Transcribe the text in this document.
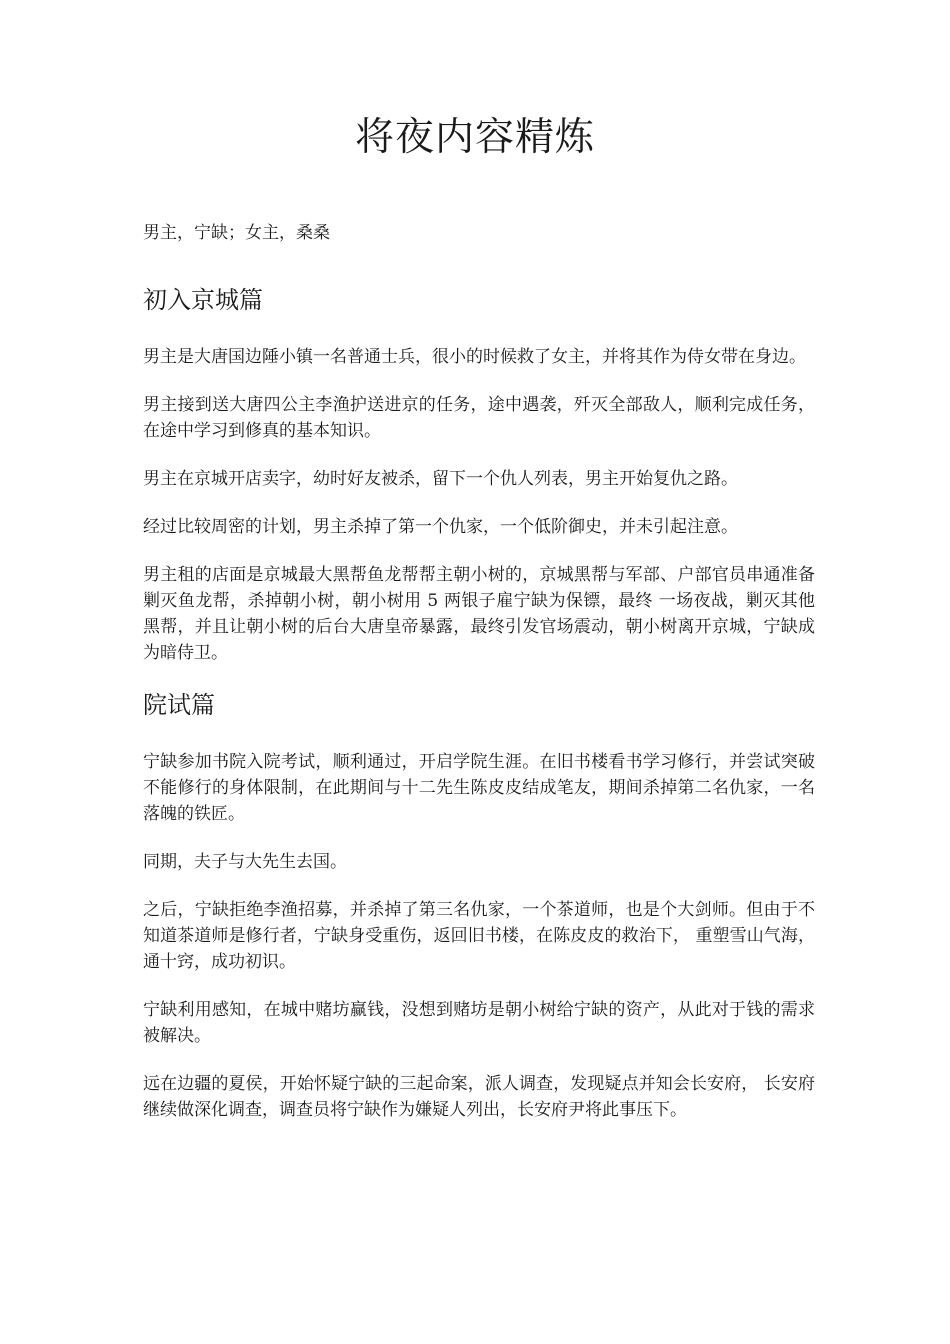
将夜内容精炼

男主，宁缺；女主，桑桑

初入京城篇

男主是大唐国边陲小镇一名普通士兵，很小的时候救了女主，并将其作为侍女带在身边。

男主接到送大唐四公主李渔护送进京的任务，途中遇袭，歼灭全部敌人，顺利完成任务，在途中学习到修真的基本知识。

男主在京城开店卖字，幼时好友被杀，留下一个仇人列表，男主开始复仇之路。

经过比较周密的计划，男主杀掉了第一个仇家，一个低阶御史，并未引起注意。

男主租的店面是京城最大黑帮鱼龙帮帮主朝小树的，京城黑帮与军部、户部官员串通准备剿灭鱼龙帮，杀掉朝小树，朝小树用 5 两银子雇宁缺为保镖，最终 一场夜战，剿灭其他黑帮，并且让朝小树的后台大唐皇帝暴露，最终引发官场震动，朝小树离开京城，宁缺成为暗侍卫。

院试篇

宁缺参加书院入院考试，顺利通过，开启学院生涯。在旧书楼看书学习修行，并尝试突破不能修行的身体限制，在此期间与十二先生陈皮皮结成笔友，期间杀掉第二名仇家，一名落魄的铁匠。

同期，夫子与大先生去国。

之后，宁缺拒绝李渔招募，并杀掉了第三名仇家，一个茶道师，也是个大剑师。但由于不知道茶道师是修行者，宁缺身受重伤，返回旧书楼，在陈皮皮的救治下， 重塑雪山气海，通十窍，成功初识。

宁缺利用感知，在城中赌坊赢钱，没想到赌坊是朝小树给宁缺的资产，从此对于钱的需求被解决。

远在边疆的夏侯，开始怀疑宁缺的三起命案，派人调查，发现疑点并知会长安府， 长安府继续做深化调查，调查员将宁缺作为嫌疑人列出，长安府尹将此事压下。
